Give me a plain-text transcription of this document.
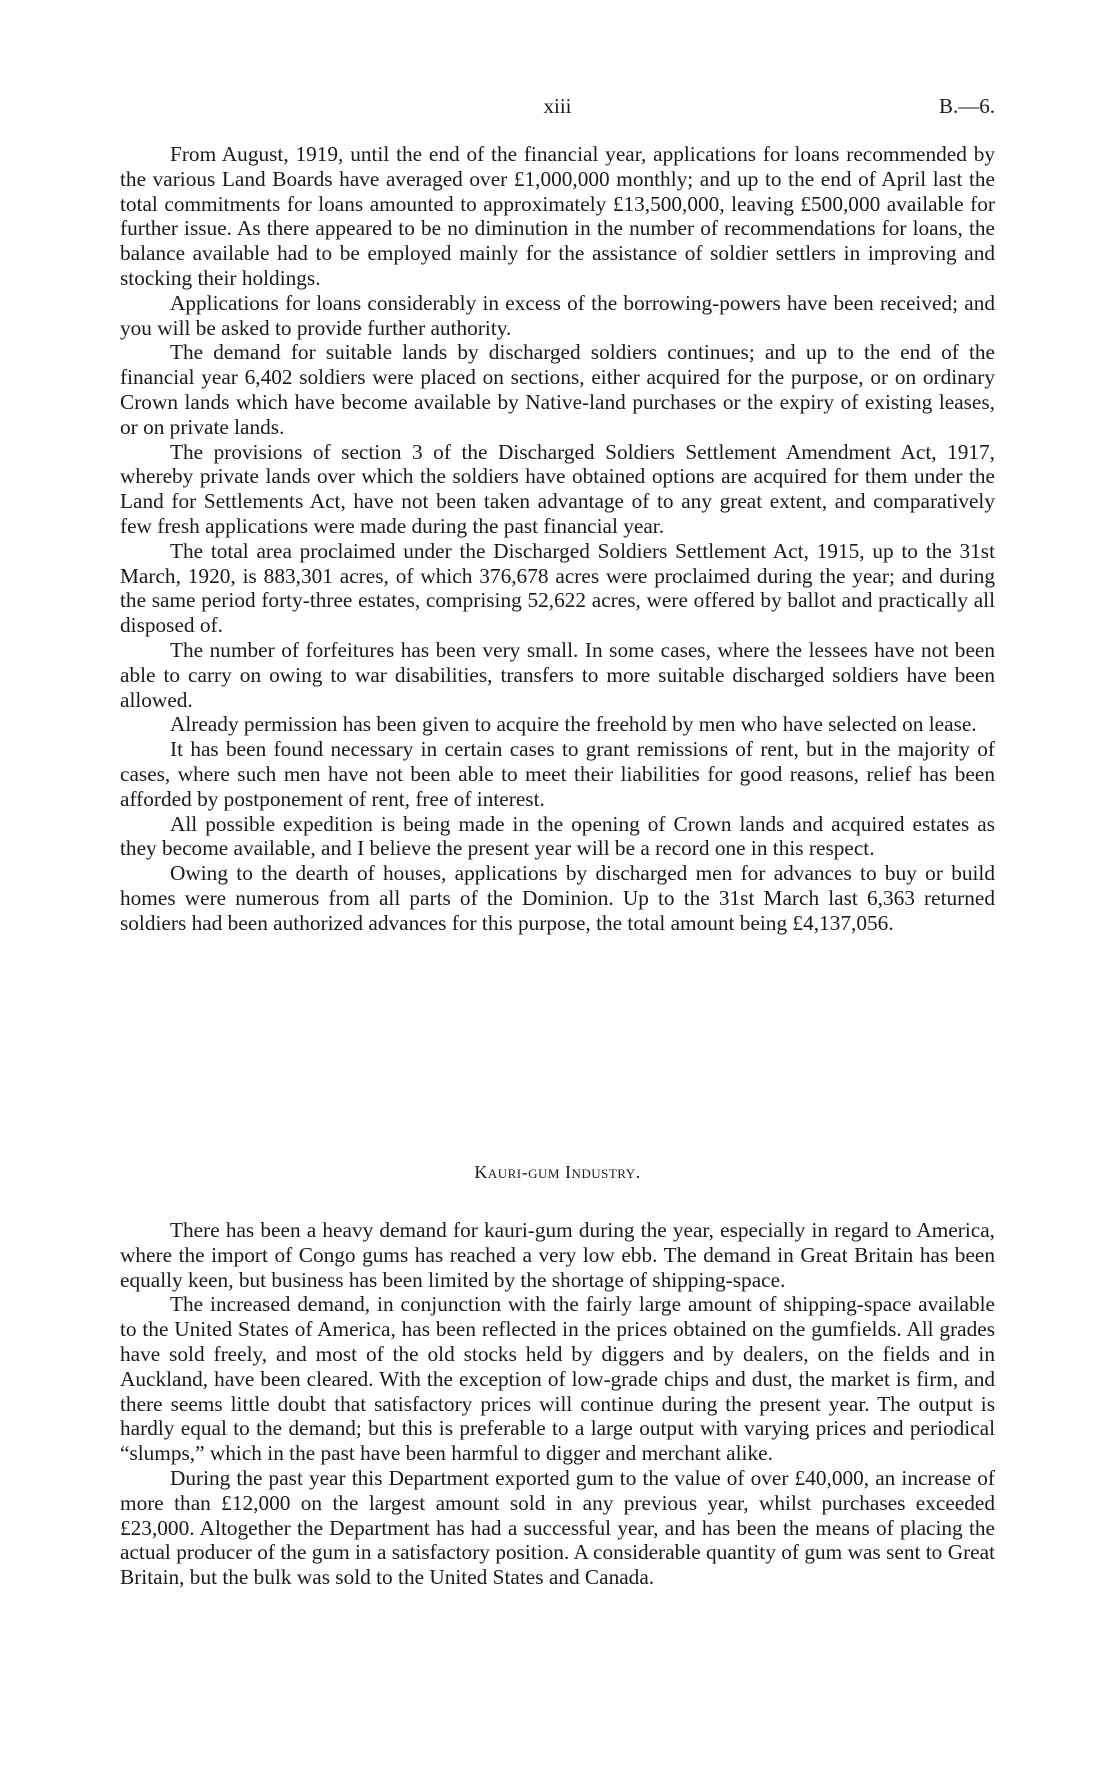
xiii	B.—6.

From August, 1919, until the end of the financial year, applications for loans recommended by the various Land Boards have averaged over £1,000,000 monthly; and up to the end of April last the total commitments for loans amounted to approximately £13,500,000, leaving £500,000 available for further issue. As there appeared to be no diminution in the number of recommendations for loans, the balance available had to be employed mainly for the assistance of soldier settlers in improving and stocking their holdings.

Applications for loans considerably in excess of the borrowing-powers have been received; and you will be asked to provide further authority.

The demand for suitable lands by discharged soldiers continues; and up to the end of the financial year 6,402 soldiers were placed on sections, either acquired for the purpose, or on ordinary Crown lands which have become available by Native-land purchases or the expiry of existing leases, or on private lands.

The provisions of section 3 of the Discharged Soldiers Settlement Amendment Act, 1917, whereby private lands over which the soldiers have obtained options are acquired for them under the Land for Settlements Act, have not been taken advantage of to any great extent, and comparatively few fresh applications were made during the past financial year.

The total area proclaimed under the Discharged Soldiers Settlement Act, 1915, up to the 31st March, 1920, is 883,301 acres, of which 376,678 acres were proclaimed during the year; and during the same period forty-three estates, comprising 52,622 acres, were offered by ballot and practically all disposed of.

The number of forfeitures has been very small. In some cases, where the lessees have not been able to carry on owing to war disabilities, transfers to more suitable discharged soldiers have been allowed.

Already permission has been given to acquire the freehold by men who have selected on lease.

It has been found necessary in certain cases to grant remissions of rent, but in the majority of cases, where such men have not been able to meet their liabilities for good reasons, relief has been afforded by postponement of rent, free of interest.

All possible expedition is being made in the opening of Crown lands and acquired estates as they become available, and I believe the present year will be a record one in this respect.

Owing to the dearth of houses, applications by discharged men for advances to buy or build homes were numerous from all parts of the Dominion. Up to the 31st March last 6,363 returned soldiers had been authorized advances for this purpose, the total amount being £4,137,056.

Kauri-gum Industry.

There has been a heavy demand for kauri-gum during the year, especially in regard to America, where the import of Congo gums has reached a very low ebb. The demand in Great Britain has been equally keen, but business has been limited by the shortage of shipping-space.

The increased demand, in conjunction with the fairly large amount of shipping-space available to the United States of America, has been reflected in the prices obtained on the gumfields. All grades have sold freely, and most of the old stocks held by diggers and by dealers, on the fields and in Auckland, have been cleared. With the exception of low-grade chips and dust, the market is firm, and there seems little doubt that satisfactory prices will continue during the present year. The output is hardly equal to the demand; but this is preferable to a large output with varying prices and periodical “slumps,” which in the past have been harmful to digger and merchant alike.

During the past year this Department exported gum to the value of over £40,000, an increase of more than £12,000 on the largest amount sold in any previous year, whilst purchases exceeded £23,000. Altogether the Department has had a successful year, and has been the means of placing the actual producer of the gum in a satisfactory position. A considerable quantity of gum was sent to Great Britain, but the bulk was sold to the United States and Canada.
